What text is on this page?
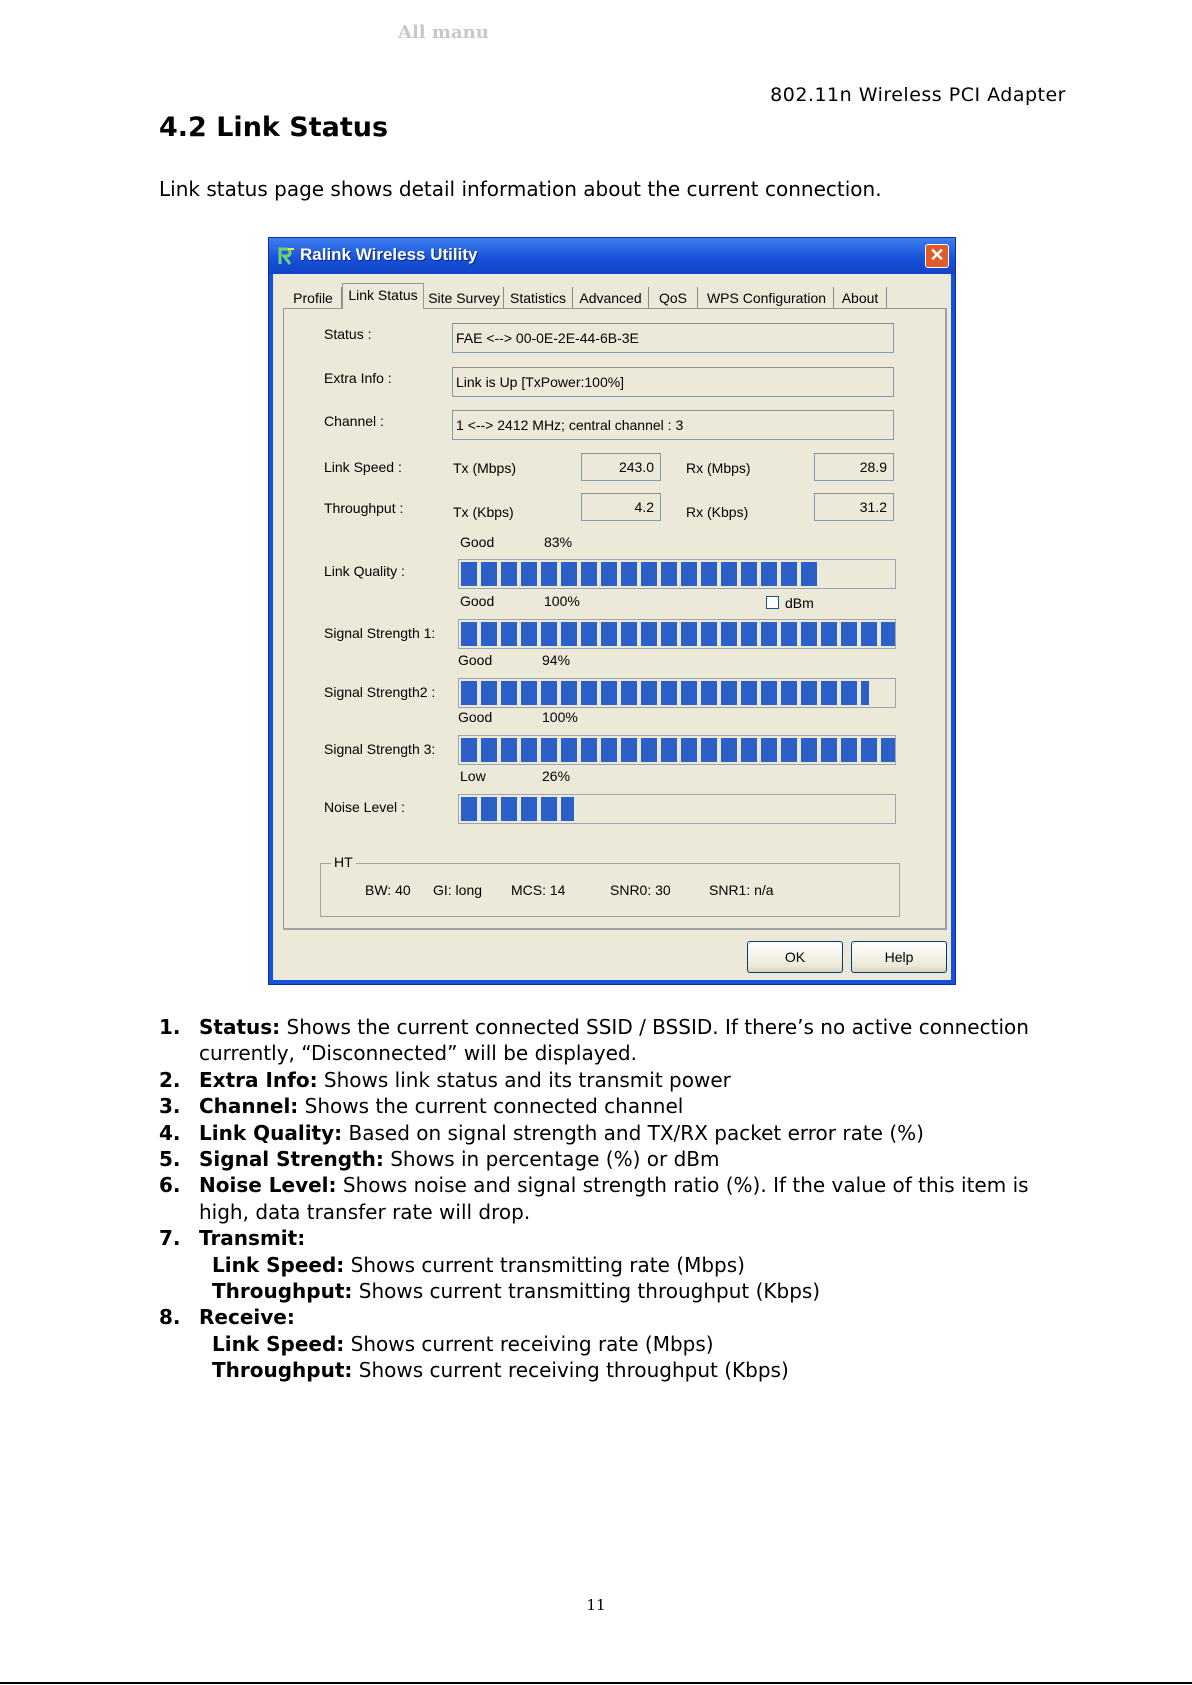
All manu
802.11n Wireless PCI Adapter
4.2 Link Status
Link status page shows detail information about the current connection.
Ralink Wireless Utility	✕
Profile	Link Status Site Survey Statistics Advanced	QoS	WPS Configuration	About
Status :	FAE <--> 00-0E-2E-44-6B-3E
Extra Info :	Link is Up [TxPower:100%]
Channel :	1 <--> 2412 MHz; central channel : 3
Link Speed :	Tx (Mbps)	243.0	Rx (Mbps)	28.9
Throughput :	Tx (Kbps)	4.2	Rx (Kbps)	31.2
Good	83%
Link Quality :
Good	100%	dBm
Signal Strength 1:
Good	94%
Signal Strength2 :
Good	100%
Signal Strength 3:
Low	26%
Noise Level :
HT
BW: 40 GI: long MCS: 14	SNR0: 30	SNR1: n/a
OK	Help
1. Status: Shows the current connected SSID / BSSID. If there’s no active connection currently, “Disconnected” will be displayed.
2. Extra Info: Shows link status and its transmit power
3. Channel: Shows the current connected channel
4. Link Quality: Based on signal strength and TX/RX packet error rate (%)
5. Signal Strength: Shows in percentage (%) or dBm
6. Noise Level: Shows noise and signal strength ratio (%). If the value of this item is high, data transfer rate will drop.
7. Transmit:
Link Speed: Shows current transmitting rate (Mbps)
Throughput: Shows current transmitting throughput (Kbps)
8. Receive:
Link Speed: Shows current receiving rate (Mbps)
Throughput: Shows current receiving throughput (Kbps)
11
